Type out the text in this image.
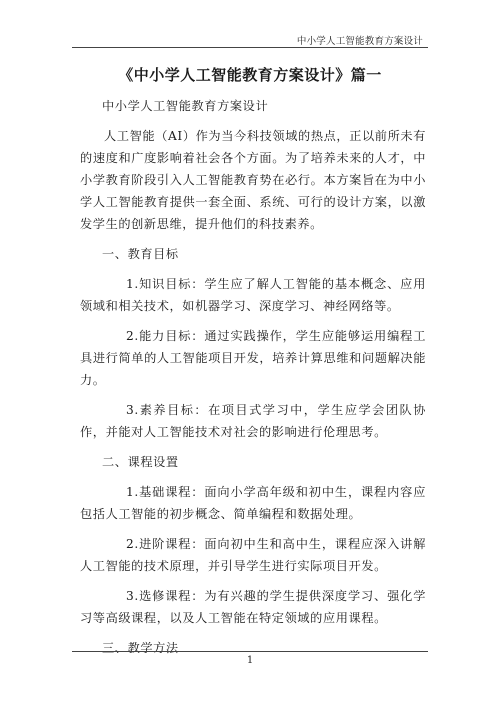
中小学人工智能教育方案设计
《中小学人工智能教育方案设计》篇一

中小学人工智能教育方案设计

人工智能（AI）作为当今科技领域的热点，正以前所未有的速度和广度影响着社会各个方面。为了培养未来的人才，中小学教育阶段引入人工智能教育势在必行。本方案旨在为中小学人工智能教育提供一套全面、系统、可行的设计方案，以激发学生的创新思维，提升他们的科技素养。

一、教育目标

1.知识目标：学生应了解人工智能的基本概念、应用领域和相关技术，如机器学习、深度学习、神经网络等。

2.能力目标：通过实践操作，学生应能够运用编程工具进行简单的人工智能项目开发，培养计算思维和问题解决能力。

3.素养目标：在项目式学习中，学生应学会团队协作，并能对人工智能技术对社会的影响进行伦理思考。

二、课程设置

1.基础课程：面向小学高年级和初中生，课程内容应包括人工智能的初步概念、简单编程和数据处理。

2.进阶课程：面向初中生和高中生，课程应深入讲解人工智能的技术原理，并引导学生进行实际项目开发。

3.选修课程：为有兴趣的学生提供深度学习、强化学习等高级课程，以及人工智能在特定领域的应用课程。

三、教学方法

1
